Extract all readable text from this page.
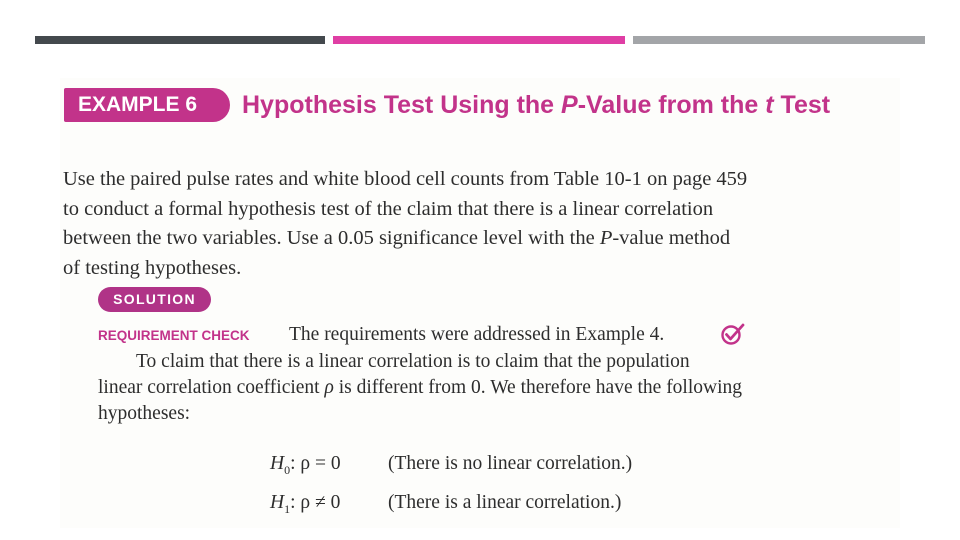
EXAMPLE 6	Hypothesis Test Using the P-Value from the t Test

Use the paired pulse rates and white blood cell counts from Table 10-1 on page 459

to conduct a formal hypothesis test of the claim that there is a linear correlation

between the two variables. Use a 0.05 significance level with the P-value method

of testing hypotheses.

SOLUTION
REQUIREMENT CHECK The requirements were addressed in Example 4.

To claim that there is a linear correlation is to claim that the population

linear correlation coefficient ρ is different from 0. We therefore have the following

hypotheses:

$H_0$: ρ = 0 (There is no linear correlation.)
$H_1$: ρ ≠ 0 (There is a linear correlation.)
